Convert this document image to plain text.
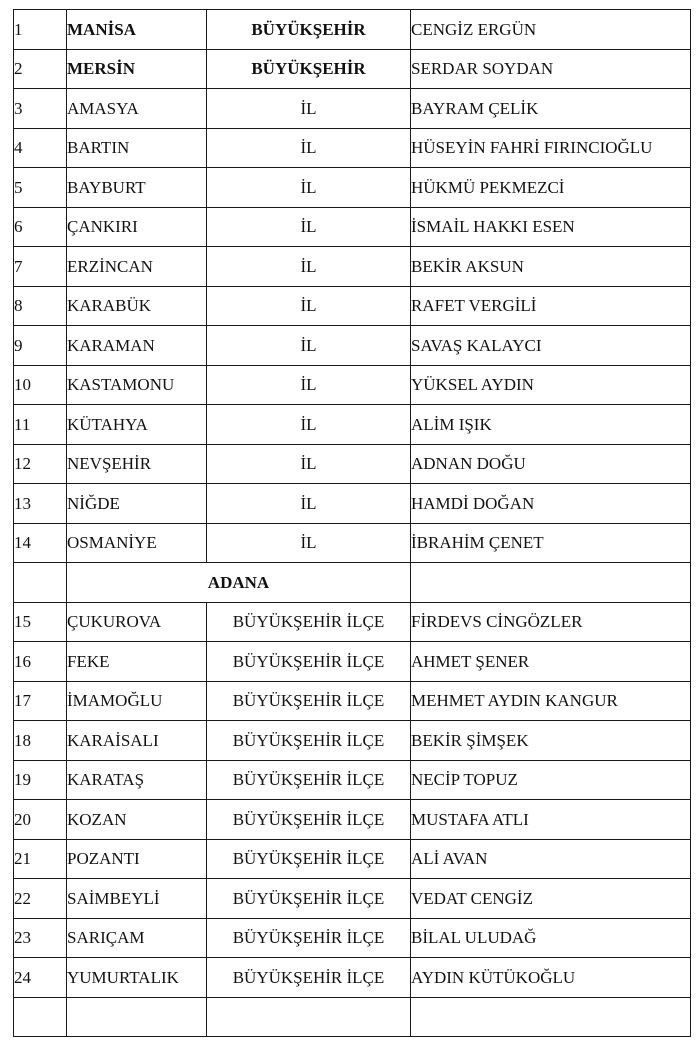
1	MANİSA	BÜYÜKŞEHİR	CENGİZ ERGÜN
2	MERSİN	BÜYÜKŞEHİR	SERDAR SOYDAN
3	AMASYA	İL	BAYRAM ÇELİK
4	BARTIN	İL	HÜSEYİN FAHRİ FIRINCIOĞLU
5	BAYBURT	İL	HÜKMÜ PEKMEZCİ
6	ÇANKIRI	İL	İSMAİL HAKKI ESEN
7	ERZİNCAN	İL	BEKİR AKSUN
8	KARABÜK	İL	RAFET VERGİLİ
9	KARAMAN	İL	SAVAŞ KALAYCI
10	KASTAMONU	İL	YÜKSEL AYDIN
11	KÜTAHYA	İL	ALİM IŞIK
12	NEVŞEHİR	İL	ADNAN DOĞU
13	NİĞDE	İL	HAMDİ DOĞAN
14	OSMANİYE	İL	İBRAHİM ÇENET
	ADANA		
15	ÇUKUROVA	BÜYÜKŞEHİR İLÇE	FİRDEVS CİNGÖZLER
16	FEKE	BÜYÜKŞEHİR İLÇE	AHMET ŞENER
17	İMAMOĞLU	BÜYÜKŞEHİR İLÇE	MEHMET AYDIN KANGUR
18	KARAİSALI	BÜYÜKŞEHİR İLÇE	BEKİR ŞİMŞEK
19	KARATAŞ	BÜYÜKŞEHİR İLÇE	NECİP TOPUZ
20	KOZAN	BÜYÜKŞEHİR İLÇE	MUSTAFA ATLI
21	POZANTI	BÜYÜKŞEHİR İLÇE	ALİ AVAN
22	SAİMBEYLİ	BÜYÜKŞEHİR İLÇE	VEDAT CENGİZ
23	SARIÇAM	BÜYÜKŞEHİR İLÇE	BİLAL ULUDAĞ
24	YUMURTALIK	BÜYÜKŞEHİR İLÇE	AYDIN KÜTÜKOĞLU
